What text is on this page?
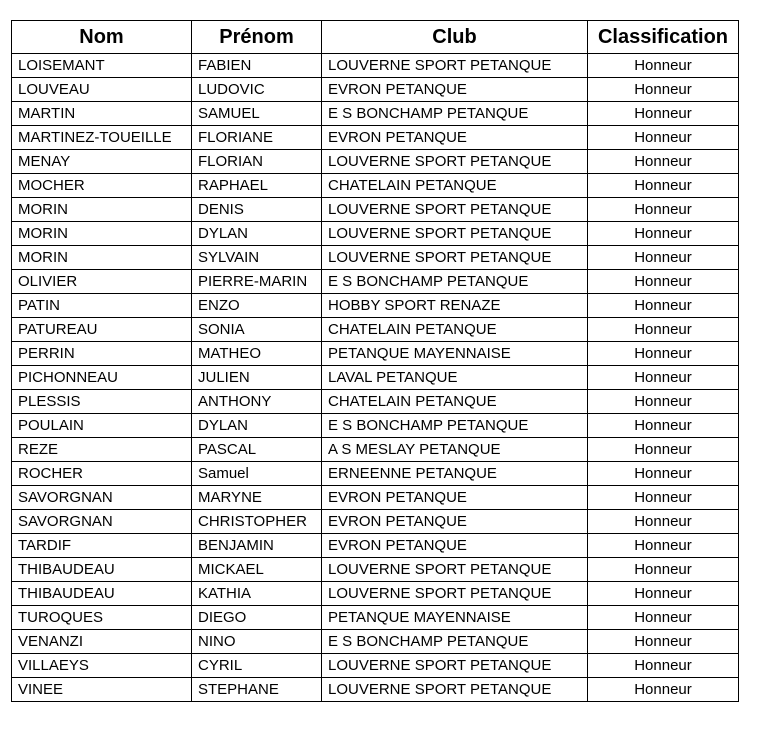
Nom	Prénom	Club	Classification
LOISEMANT	FABIEN	LOUVERNE SPORT PETANQUE	Honneur
LOUVEAU	LUDOVIC	EVRON PETANQUE	Honneur
MARTIN	SAMUEL	E S BONCHAMP PETANQUE	Honneur
MARTINEZ-TOUEILLE	FLORIANE	EVRON PETANQUE	Honneur
MENAY	FLORIAN	LOUVERNE SPORT PETANQUE	Honneur
MOCHER	RAPHAEL	CHATELAIN PETANQUE	Honneur
MORIN	DENIS	LOUVERNE SPORT PETANQUE	Honneur
MORIN	DYLAN	LOUVERNE SPORT PETANQUE	Honneur
MORIN	SYLVAIN	LOUVERNE SPORT PETANQUE	Honneur
OLIVIER	PIERRE-MARIN	E S BONCHAMP PETANQUE	Honneur
PATIN	ENZO	HOBBY SPORT RENAZE	Honneur
PATUREAU	SONIA	CHATELAIN PETANQUE	Honneur
PERRIN	MATHEO	PETANQUE MAYENNAISE	Honneur
PICHONNEAU	JULIEN	LAVAL PETANQUE	Honneur
PLESSIS	ANTHONY	CHATELAIN PETANQUE	Honneur
POULAIN	DYLAN	E S BONCHAMP PETANQUE	Honneur
REZE	PASCAL	A S MESLAY PETANQUE	Honneur
ROCHER	Samuel	ERNEENNE PETANQUE	Honneur
SAVORGNAN	MARYNE	EVRON PETANQUE	Honneur
SAVORGNAN	CHRISTOPHER	EVRON PETANQUE	Honneur
TARDIF	BENJAMIN	EVRON PETANQUE	Honneur
THIBAUDEAU	MICKAEL	LOUVERNE SPORT PETANQUE	Honneur
THIBAUDEAU	KATHIA	LOUVERNE SPORT PETANQUE	Honneur
TUROQUES	DIEGO	PETANQUE MAYENNAISE	Honneur
VENANZI	NINO	E S BONCHAMP PETANQUE	Honneur
VILLAEYS	CYRIL	LOUVERNE SPORT PETANQUE	Honneur
VINEE	STEPHANE	LOUVERNE SPORT PETANQUE	Honneur
